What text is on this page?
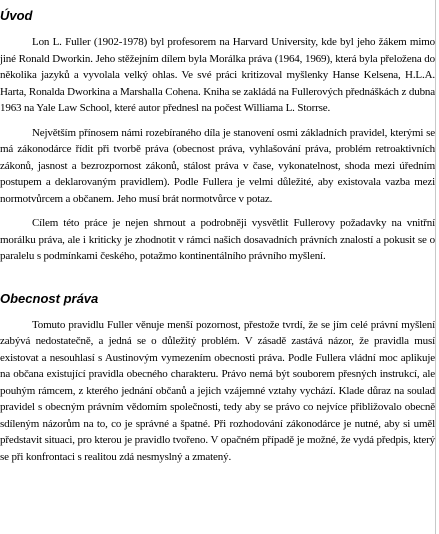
Úvod

Lon L. Fuller (1902-1978) byl profesorem na Harvard University, kde byl jeho žákem mimo jiné Ronald Dworkin. Jeho stěžejním dílem byla Morálka práva (1964, 1969), která byla přeložena do několika jazyků a vyvolala velký ohlas. Ve své práci kritizoval myšlenky Hanse Kelsena, H.L.A. Harta, Ronalda Dworkina a Marshalla Cohena. Kniha se zakládá na Fullerových přednáškách z dubna 1963 na Yale Law School, které autor přednesl na počest Williama L. Storrse.

Největším přínosem námi rozebíraného díla je stanovení osmi základních pravidel, kterými se má zákonodárce řídit při tvorbě práva (obecnost práva, vyhlašování práva, problém retroaktivních zákonů, jasnost a bezrozpornost zákonů, stálost práva v čase, vykonatelnost, shoda mezi úředním postupem a deklarovaným pravidlem). Podle Fullera je velmi důležité, aby existovala vazba mezi normotvůrcem a občanem. Jeho musí brát normotvůrce v potaz.

Cílem této práce je nejen shrnout a podrobněji vysvětlit Fullerovy požadavky na vnitřní morálku práva, ale i kriticky je zhodnotit v rámci našich dosavadních právních znalostí a pokusit se o paralelu s podmínkami českého, potažmo kontinentálního právního myšlení.

Obecnost práva

Tomuto pravidlu Fuller věnuje menší pozornost, přestože tvrdí, že se jím celé právní myšlení zabývá nedostatečně, a jedná se o důležitý problém. V zásadě zastává názor, že pravidla musí existovat a nesouhlasí s Austinovým vymezením obecnosti práva. Podle Fullera vládní moc aplikuje na občana existující pravidla obecného charakteru. Právo nemá být souborem přesných instrukcí, ale pouhým rámcem, z kterého jednání občanů a jejich vzájemné vztahy vychází. Klade důraz na soulad pravidel s obecným právním vědomím společnosti, tedy aby se právo co nejvíce přibližovalo obecně sdíleným názorům na to, co je správné a špatné. Při rozhodování zákonodárce je nutné, aby si uměl představit situaci, pro kterou je pravidlo tvořeno. V opačném případě je možné, že vydá předpis, který se při konfrontaci s realitou zdá nesmyslný a zmatený.
